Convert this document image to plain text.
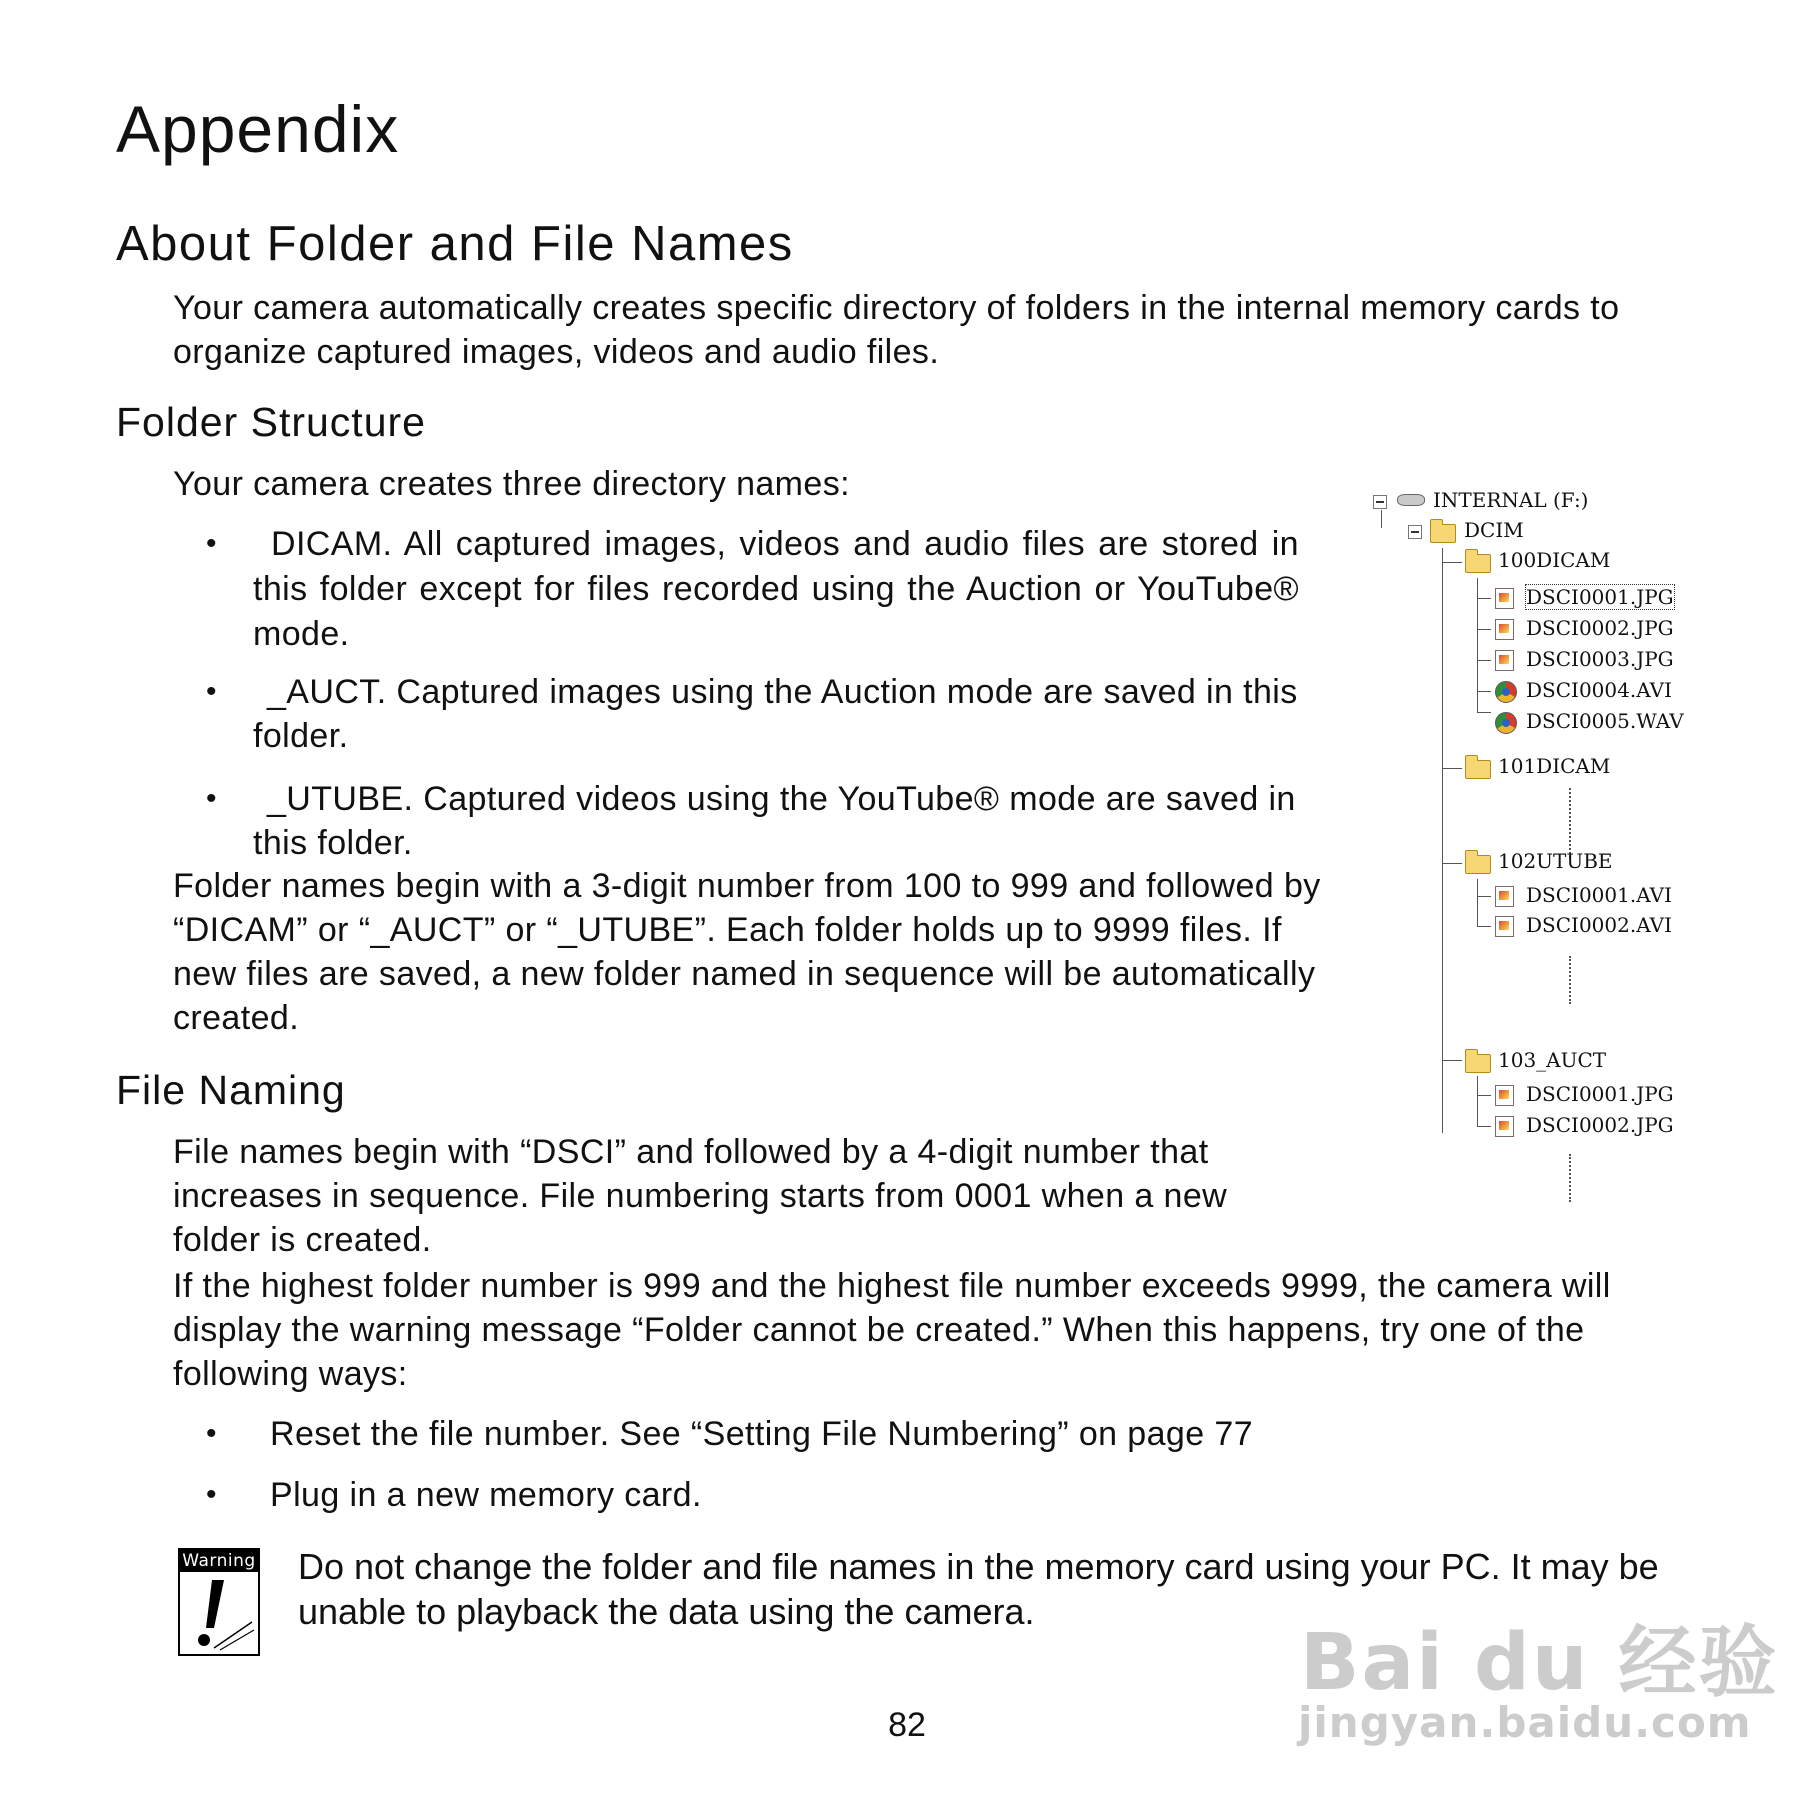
Appendix
About Folder and File Names
Your camera automatically creates specific directory of folders in the internal memory cards to organize captured images, videos and audio files.
Folder Structure
Your camera creates three directory names:
•	DICAM. All captured images, videos and audio files are stored in this folder except for files recorded using the Auction or YouTube® mode.
•	_AUCT. Captured images using the Auction mode are saved in this folder.
•	_UTUBE. Captured videos using the YouTube® mode are saved in this folder.
Folder names begin with a 3-digit number from 100 to 999 and followed by “DICAM” or “_AUCT” or “_UTUBE”. Each folder holds up to 9999 files. If new files are saved, a new folder named in sequence will be automatically created.
File Naming
File names begin with “DSCI” and followed by a 4-digit number that increases in sequence. File numbering starts from 0001 when a new folder is created.
If the highest folder number is 999 and the highest file number exceeds 9999, the camera will display the warning message “Folder cannot be created.” When this happens, try one of the following ways:
• Reset the file number. See “Setting File Numbering” on page 77
• Plug in a new memory card.
Warning Do not change the folder and file names in the memory card using your PC. It may be unable to playback the data using the camera.
INTERNAL (F:)
DCIM
100DICAM
DSCI0001.JPG
DSCI0002.JPG
DSCI0003.JPG
DSCI0004.AVI
DSCI0005.WAV
101DICAM
102UTUBE
DSCI0001.AVI
DSCI0002.AVI
103_AUCT
DSCI0001.JPG
DSCI0002.JPG
82
Bai du 经验
jingyan.baidu.com
